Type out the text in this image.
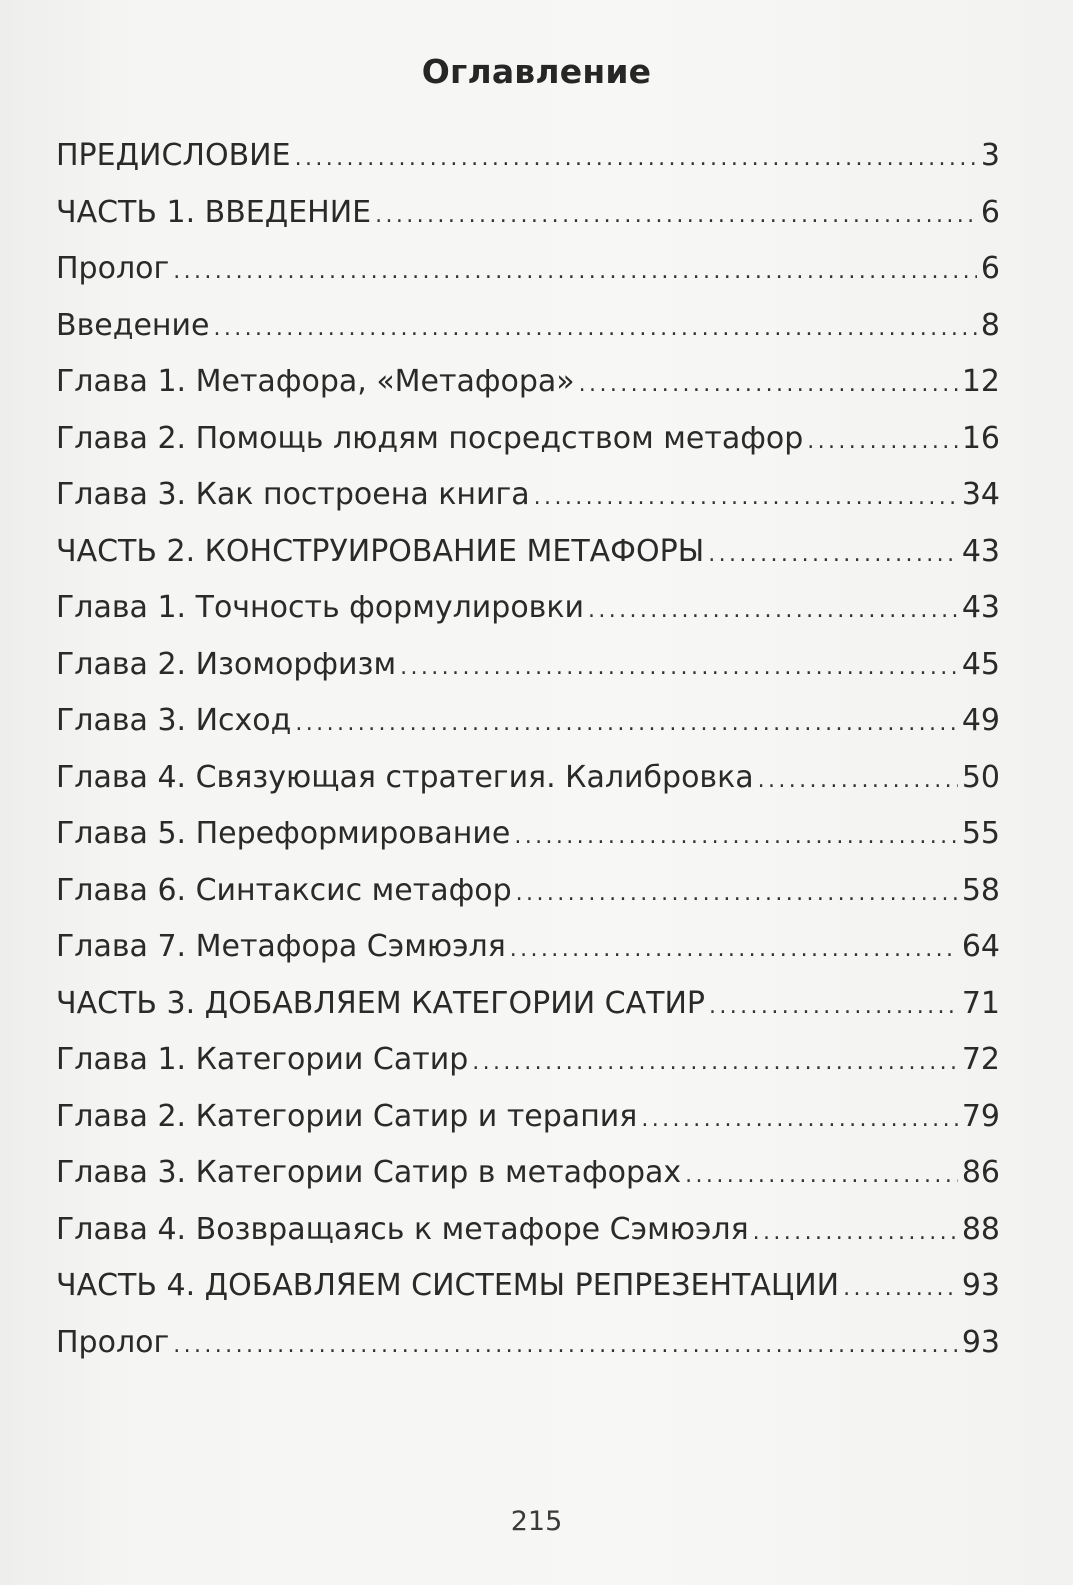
Оглавление
ПРЕДИСЛОВИЕ . . .	3
ЧАСТЬ 1. ВВЕДЕНИЕ . . .	6
Пролог . . .	6
Введение . . .	8
Глава 1. Метафора, «Метафора» . . .	12
Глава 2. Помощь людям посредством метафор . . .	16
Глава 3. Как построена книга . . .	34
ЧАСТЬ 2. КОНСТРУИРОВАНИЕ МЕТАФОРЫ . . .	43
Глава 1. Точность формулировки . . .	43
Глава 2. Изоморфизм . . .	45
Глава 3. Исход . . .	49
Глава 4. Связующая стратегия. Калибровка . . .	50
Глава 5. Переформирование . . .	55
Глава 6. Синтаксис метафор . . .	58
Глава 7. Метафора Сэмюэля . . .	64
ЧАСТЬ 3. ДОБАВЛЯЕМ КАТЕГОРИИ САТИР . . .	71
Глава 1. Категории Сатир . . .	72
Глава 2. Категории Сатир и терапия . . .	79
Глава 3. Категории Сатир в метафорах . . .	86
Глава 4. Возвращаясь к метафоре Сэмюэля . . .	88
ЧАСТЬ 4. ДОБАВЛЯЕМ СИСТЕМЫ РЕПРЕЗЕНТАЦИИ . . .	93
Пролог . . .	93
215
